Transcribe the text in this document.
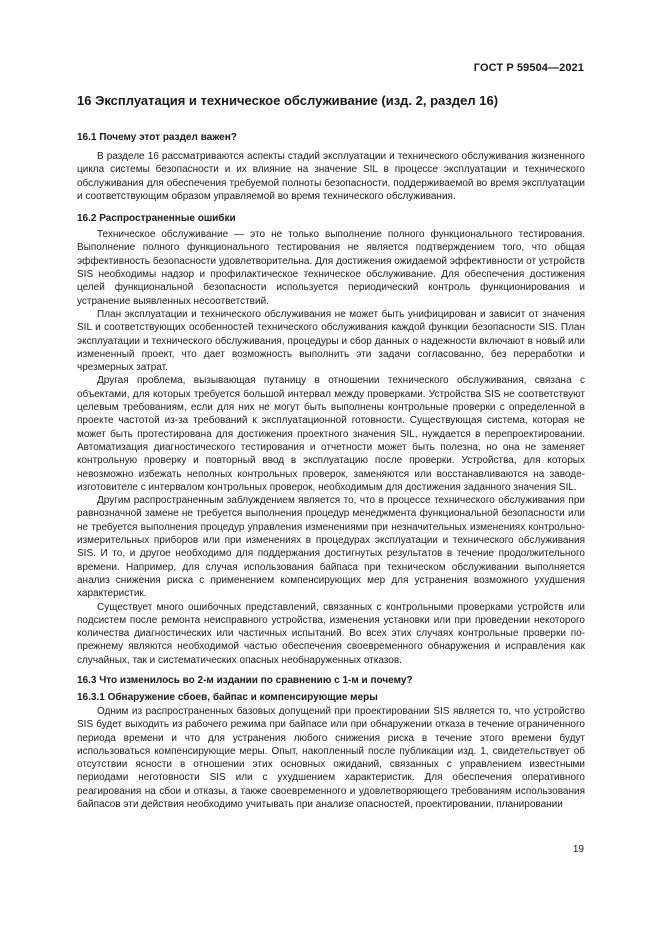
ГОСТ Р 59504—2021
16 Эксплуатация и техническое обслуживание (изд. 2, раздел 16)
16.1 Почему этот раздел важен?

В разделе 16 рассматриваются аспекты стадий эксплуатации и технического обслуживания жизненного цикла системы безопасности и их влияние на значение SIL в процессе эксплуатации и технического обслуживания для обеспечения требуемой полноты безопасности, поддерживаемой во время эксплуатации и соответствующим образом управляемой во время технического обслуживания.

16.2 Распространенные ошибки

Техническое обслуживание — это не только выполнение полного функционального тестирования. Выполнение полного функционального тестирования не является подтверждением того, что общая эффективность безопасности удовлетворительна. Для достижения ожидаемой эффективности от устройств SIS необходимы надзор и профилактическое техническое обслуживание. Для обеспечения достижения целей функциональной безопасности используется периодический контроль функционирования и устранение выявленных несоответствий.

План эксплуатации и технического обслуживания не может быть унифицирован и зависит от значения SIL и соответствующих особенностей технического обслуживания каждой функции безопасности SIS. План эксплуатации и технического обслуживания, процедуры и сбор данных о надежности включают в новый или измененный проект, что дает возможность выполнить эти задачи согласованно, без переработки и чрезмерных затрат.

Другая проблема, вызывающая путаницу в отношении технического обслуживания, связана с объектами, для которых требуется большой интервал между проверками. Устройства SIS не соответствуют целевым требованиям, если для них не могут быть выполнены контрольные проверки с определенной в проекте частотой из-за требований к эксплуатационной готовности. Существующая система, которая не может быть протестирована для достижения проектного значения SIL, нуждается в перепроектировании. Автоматизация диагностического тестирования и отчетности может быть полезна, но она не заменяет контрольную проверку и повторный ввод в эксплуатацию после проверки. Устройства, для которых невозможно избежать неполных контрольных проверок, заменяются или восстанавливаются на заводе-изготовителе с интервалом контрольных проверок, необходимым для достижения заданного значения SIL.

Другим распространенным заблуждением является то, что в процессе технического обслуживания при равнозначной замене не требуется выполнения процедур менеджмента функциональной безопасности или не требуется выполнения процедур управления изменениями при незначительных изменениях контрольно-измерительных приборов или при изменениях в процедурах эксплуатации и технического обслуживания SIS. И то, и другое необходимо для поддержания достигнутых результатов в течение продолжительного времени. Например, для случая использования байпаса при техническом обслуживании выполняется анализ снижения риска с применением компенсирующих мер для устранения возможного ухудшения характеристик.

Существует много ошибочных представлений, связанных с контрольными проверками устройств или подсистем после ремонта неисправного устройства, изменения установки или при проведении некоторого количества диагностических или частичных испытаний. Во всех этих случаях контрольные проверки по-прежнему являются необходимой частью обеспечения своевременного обнаружения и исправления как случайных, так и систематических опасных необнаруженных отказов.

16.3 Что изменилось во 2-м издании по сравнению с 1-м и почему?
16.3.1 Обнаружение сбоев, байпас и компенсирующие меры

Одним из распространенных базовых допущений при проектировании SIS является то, что устройство SIS будет выходить из рабочего режима при байпасе или при обнаружении отказа в течение ограниченного периода времени и что для устранения любого снижения риска в течение этого времени будут использоваться компенсирующие меры. Опыт, накопленный после публикации изд. 1, свидетельствует об отсутствии ясности в отношении этих основных ожиданий, связанных с управлением известными периодами неготовности SIS или с ухудшением характеристик. Для обеспечения оперативного реагирования на сбои и отказы, а также своевременного и удовлетворяющего требованиям использования байпасов эти действия необходимо учитывать при анализе опасностей, проектировании, планировании

19
